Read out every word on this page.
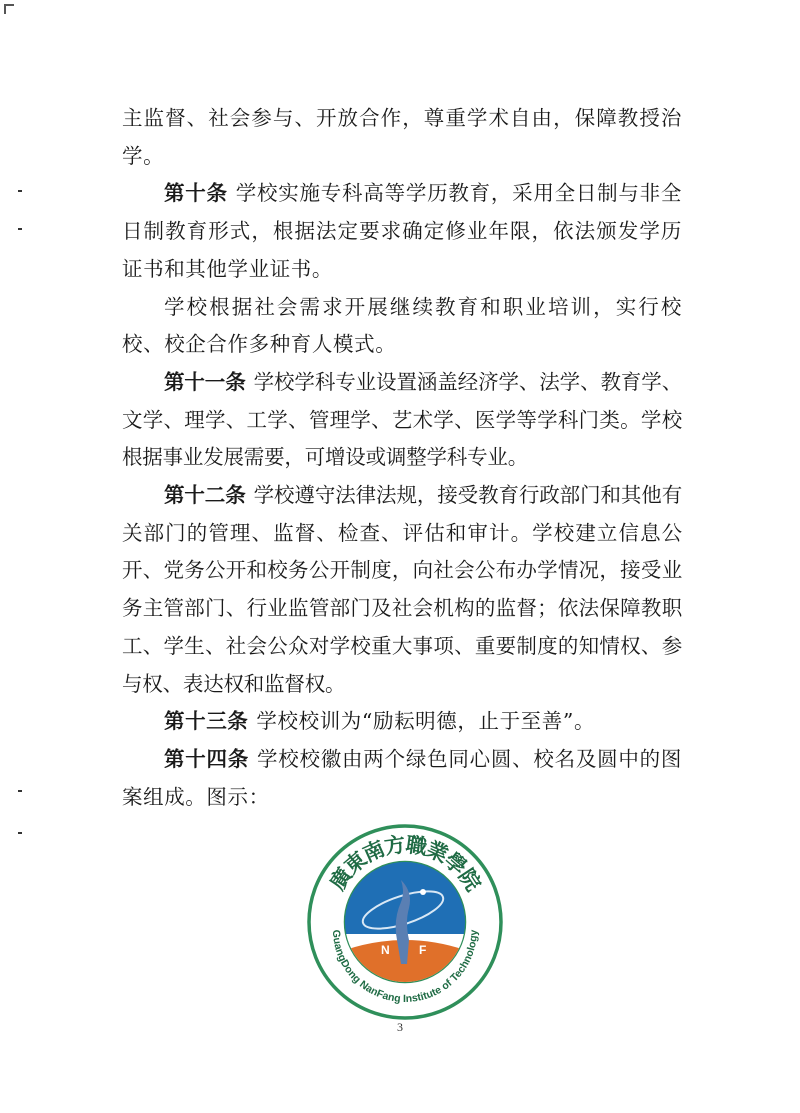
主监督、社会参与、开放合作，尊重学术自由，保障教授治学。

第十条 学校实施专科高等学历教育，采用全日制与非全日制教育形式，根据法定要求确定修业年限，依法颁发学历证书和其他学业证书。

学校根据社会需求开展继续教育和职业培训，实行校校、校企合作多种育人模式。

第十一条 学校学科专业设置涵盖经济学、法学、教育学、文学、理学、工学、管理学、艺术学、医学等学科门类。学校根据事业发展需要，可增设或调整学科专业。

第十二条 学校遵守法律法规，接受教育行政部门和其他有关部门的管理、监督、检查、评估和审计。学校建立信息公开、党务公开和校务公开制度，向社会公布办学情况，接受业务主管部门、行业监管部门及社会机构的监督；依法保障教职工、学生、社会公众对学校重大事项、重要制度的知情权、参与权、表达权和监督权。

第十三条 学校校训为“励耘明德，止于至善”。

第十四条 学校校徽由两个绿色同心圆、校名及圆中的图案组成。图示：

N F
廣東南方職業學院
GuangDong NanFang Institute of Technology
3
